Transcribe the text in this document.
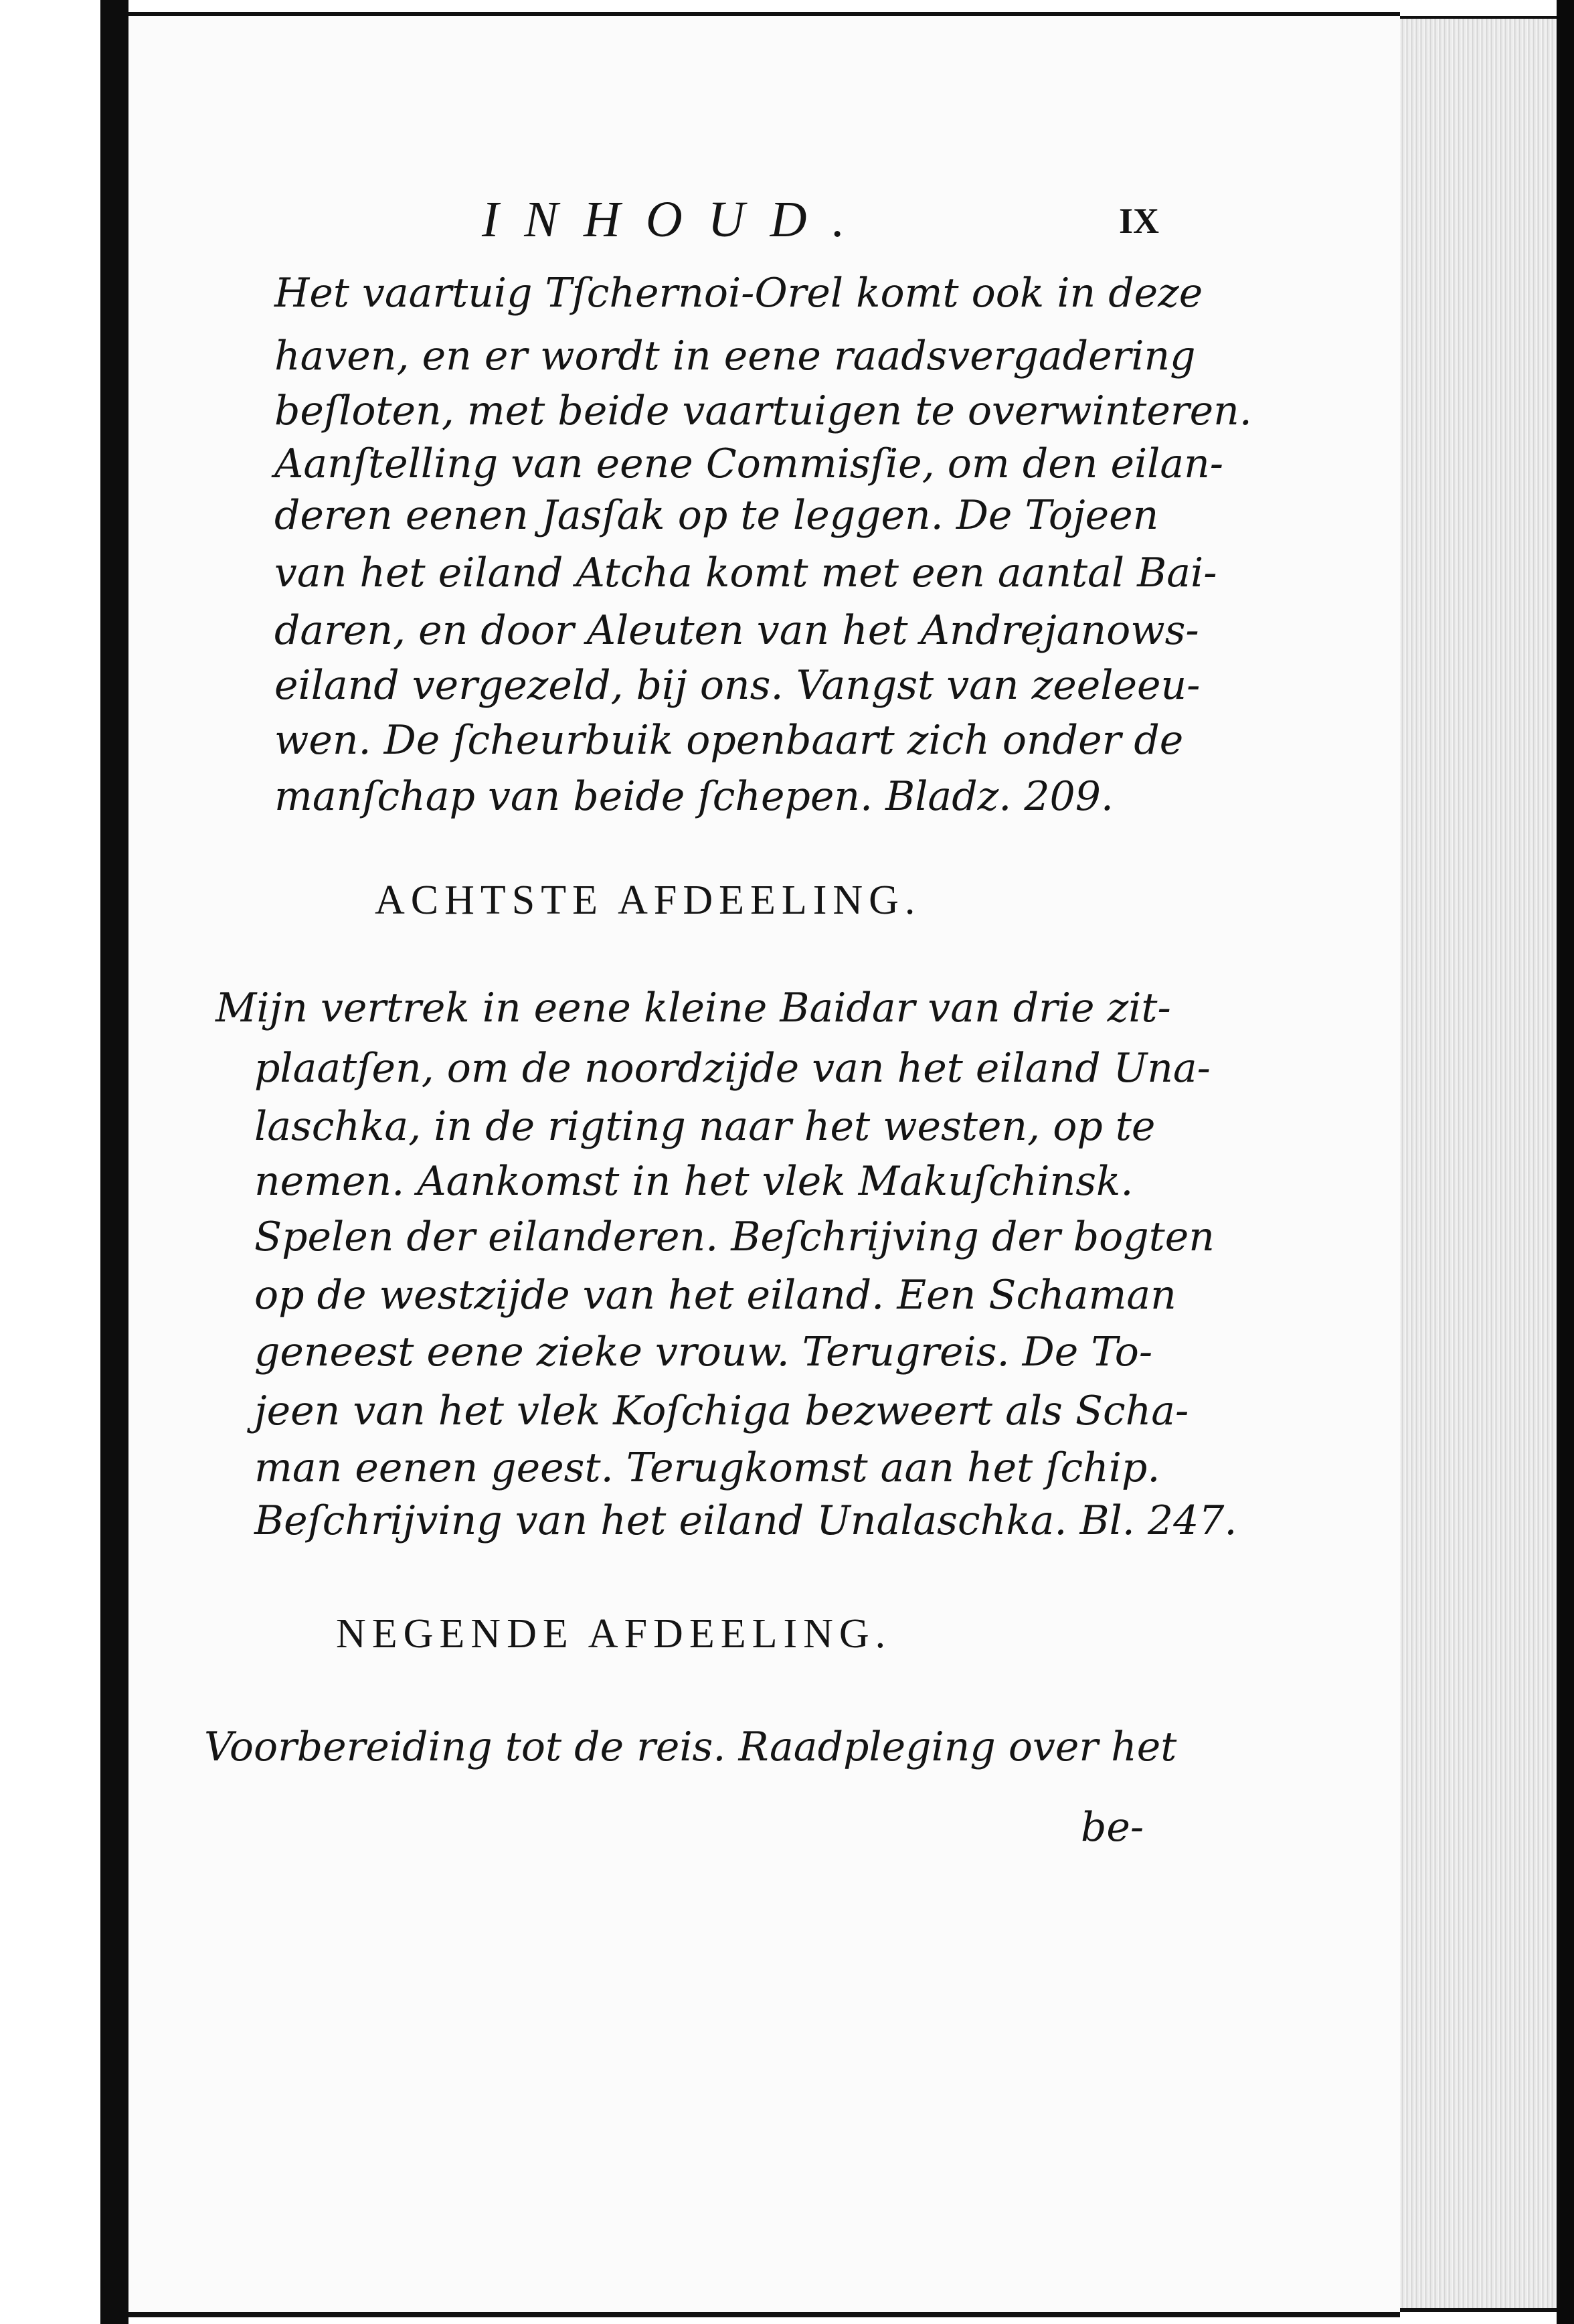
INHOUD.	IX
Het vaartuig Tſchernoi-Orel komt ook in deze
haven, en er wordt in eene raadsvergadering
beſloten, met beide vaartuigen te overwinteren.
Aanſtelling van eene Commisſie, om den eilan-
deren eenen Jasſak op te leggen. De Tojeen
van het eiland Atcha komt met een aantal Bai-
daren, en door Aleuten van het Andrejanows-
eiland vergezeld, bij ons. Vangst van zeeleeu-
wen. De ſcheurbuik openbaart zich onder de
manſchap van beide ſchepen. Bladz. 209.
ACHTSTE AFDEELING.
Mijn vertrek in eene kleine Baidar van drie zit-
plaatſen, om de noordzijde van het eiland Una-
laschka, in de rigting naar het westen, op te
nemen. Aankomst in het vlek Makuſchinsk.
Spelen der eilanderen. Beſchrijving der bogten
op de westzijde van het eiland. Een Schaman
geneest eene zieke vrouw. Terugreis. De To-
jeen van het vlek Koſchiga bezweert als Scha-
man eenen geest. Terugkomst aan het ſchip.
Beſchrijving van het eiland Unalaschka. Bl. 247.
NEGENDE AFDEELING.
Voorbereiding tot de reis. Raadpleging over het
be-
